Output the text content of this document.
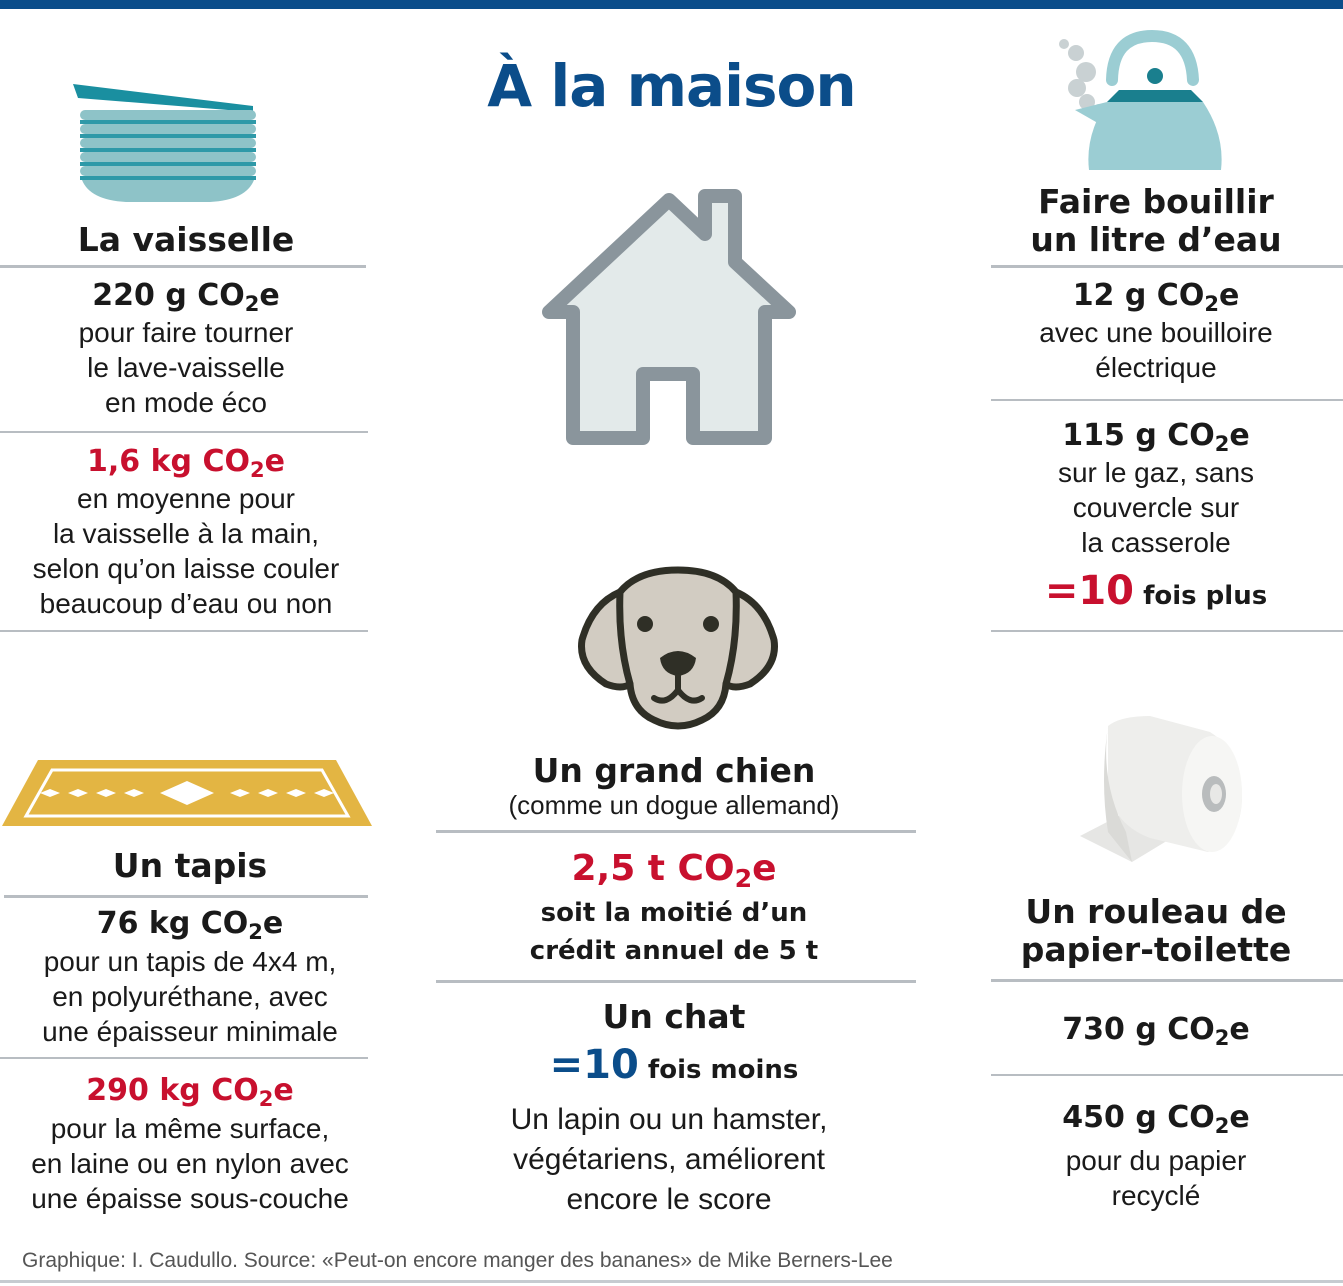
À la maison
La vaisselle
220 g CO2e
pour faire tourner
le lave-vaisselle
en mode éco
1,6 kg CO2e
en moyenne pour
la vaisselle à la main,
selon qu’on laisse couler
beaucoup d’eau ou non
Faire bouillir
un litre d’eau
12 g CO2e
avec une bouilloire
électrique
115 g CO2e
sur le gaz, sans
couvercle sur
la casserole
=10 fois plus
Un grand chien
(comme un dogue allemand)
2,5 t CO2e
soit la moitié d’un
crédit annuel de 5 t
Un chat
=10 fois moins
Un lapin ou un hamster,
végétariens, améliorent
encore le score
Un tapis
76 kg CO2e
pour un tapis de 4x4 m,
en polyuréthane, avec
une épaisseur minimale
290 kg CO2e
pour la même surface,
en laine ou en nylon avec
une épaisse sous-couche
Un rouleau de
papier-toilette
730 g CO2e
450 g CO2e
pour du papier
recyclé
Graphique: I. Caudullo. Source: «Peut-on encore manger des bananes» de Mike Berners-Lee
